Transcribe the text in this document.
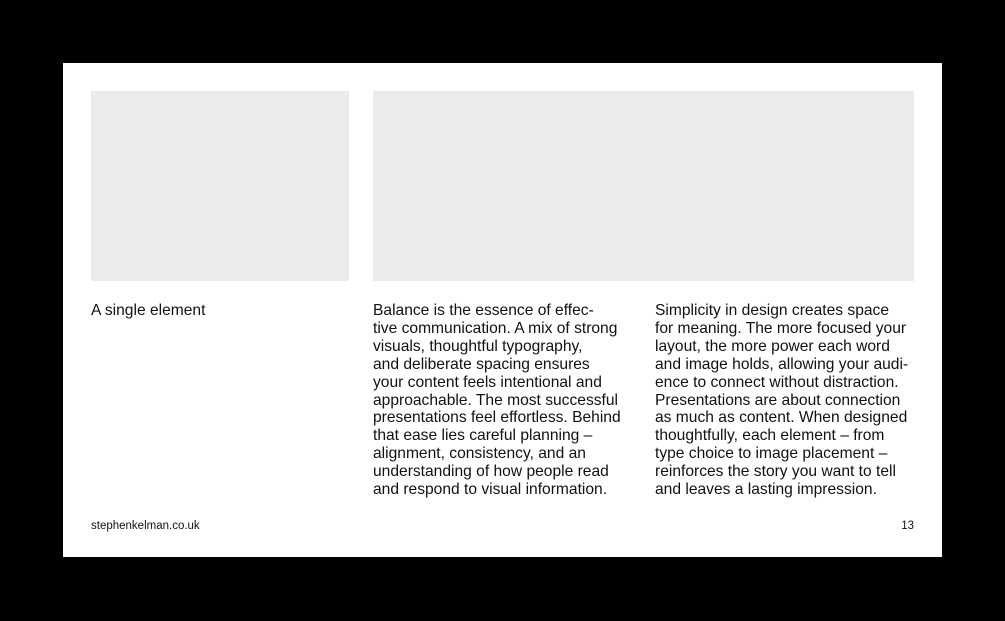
A single element	Balance is the essence of effec-
tive communication. A mix of strong
visuals, thoughtful typography,
and deliberate spacing ensures
your content feels intentional and
approachable. The most successful
presentations feel effortless. Behind
that ease lies careful planning –
alignment, consistency, and an
understanding of how people read
and respond to visual information.
Simplicity in design creates space
for meaning. The more focused your
layout, the more power each word
and image holds, allowing your audi-
ence to connect without distraction.
Presentations are about connection
as much as content. When designed
thoughtfully, each element – from
type choice to image placement –
reinforces the story you want to tell
and leaves a lasting impression.
stephenkelman.co.uk	13
